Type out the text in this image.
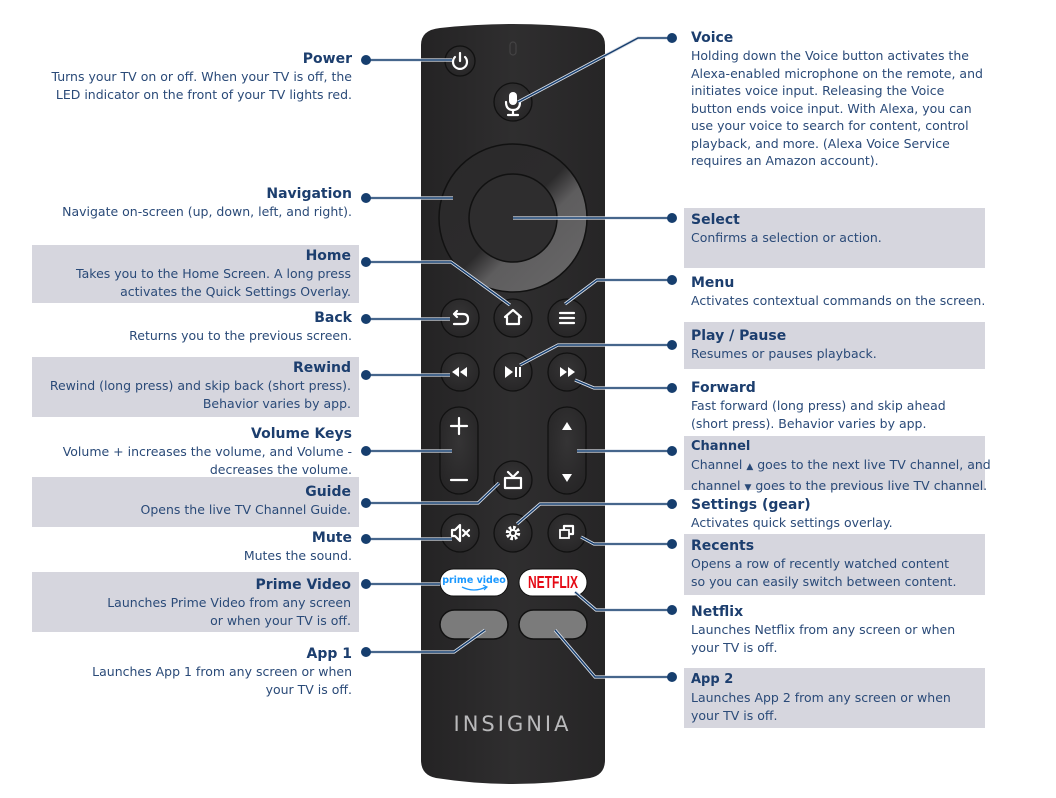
Power
Turns your TV on or off. When your TV is off, the LED indicator on the front of your TV lights red.
Navigation
Navigate on-screen (up, down, left, and right).
Home
Takes you to the Home Screen. A long press activates the Quick Settings Overlay.
Back
Returns you to the previous screen.
Rewind
Rewind (long press) and skip back (short press). Behavior varies by app.
Volume Keys
Volume + increases the volume, and Volume - decreases the volume.
Guide
Opens the live TV Channel Guide.
Mute
Mutes the sound.
Prime Video
Launches Prime Video from any screen or when your TV is off.
App 1
Launches App 1 from any screen or when your TV is off.
Voice
Holding down the Voice button activates the Alexa-enabled microphone on the remote, and initiates voice input. Releasing the Voice button ends voice input. With Alexa, you can use your voice to search for content, control playback, and more. (Alexa Voice Service requires an Amazon account).
Select
Confirms a selection or action.
Menu
Activates contextual commands on the screen.
Play / Pause
Resumes or pauses playback.
Forward
Fast forward (long press) and skip ahead (short press). Behavior varies by app.
Channel
Channel ▲ goes to the next live TV channel, and
channel ▼ goes to the previous live TV channel.
Settings (gear)
Activates quick settings overlay.
Recents
Opens a row of recently watched content so you can easily switch between content.
Netflix
Launches Netflix from any screen or when your TV is off.
App 2
Launches App 2 from any screen or when your TV is off.
prime video NETFLIX
INSIGNIA
